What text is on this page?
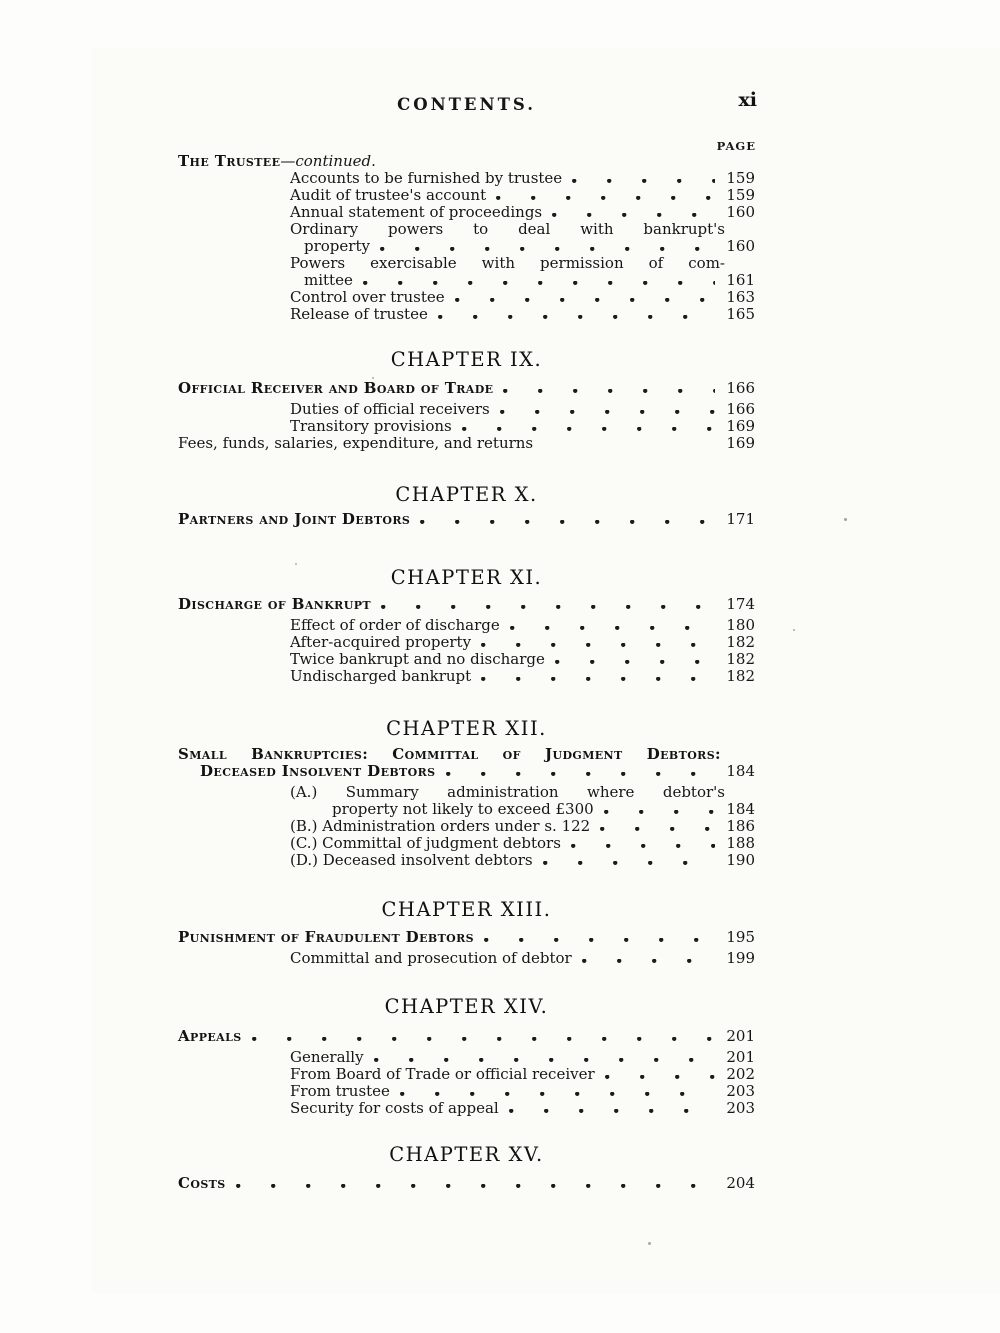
CONTENTS.	xi
PAGE
The Trustee —continued.
Accounts to be furnished by trustee	159
Audit of trustee's account	159
Annual statement of proceedings	160
Ordinary powers to deal with bankrupt's
property	160
Powers exercisable with permission of com-
mittee	161
Control over trustee	163
Release of trustee	165
CHAPTER IX.
Official Receiver and Board of Trade	166
Duties of official receivers	166
Transitory provisions	169
Fees, funds, salaries, expenditure, and returns	169
CHAPTER X.
Partners and Joint Debtors	171
CHAPTER XI.
Discharge of Bankrupt	174
Effect of order of discharge	180
After-acquired property	182
Twice bankrupt and no discharge	182
Undischarged bankrupt	182
CHAPTER XII.
Small Bankruptcies: Committal of Judgment Debtors:
Deceased Insolvent Debtors	184
(A.) Summary administration where debtor's
property not likely to exceed £300	184
(B.) Administration orders under s. 122	186
(C.) Committal of judgment debtors	188
(D.) Deceased insolvent debtors	190
CHAPTER XIII.
Punishment of Fraudulent Debtors	195
Committal and prosecution of debtor	199
CHAPTER XIV.
Appeals	201
Generally	201
From Board of Trade or official receiver	202
From trustee	203
Security for costs of appeal	203
CHAPTER XV.
Costs	204
